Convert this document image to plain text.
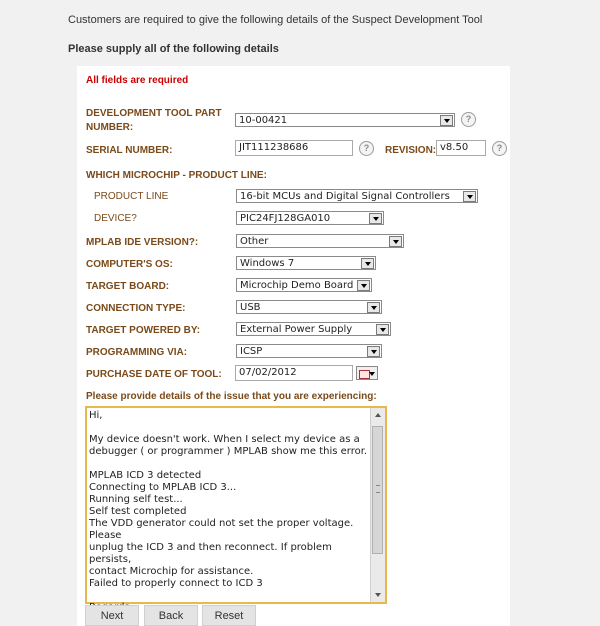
Customers are required to give the following details of the Suspect Development Tool
Please supply all of the following details
All fields are required
DEVELOPMENT TOOL PART
NUMBER:
10-00421	?
SERIAL NUMBER:	JIT111238686	?	REVISION: v8.50	?
WHICH MICROCHIP - PRODUCT LINE:
PRODUCT LINE	16-bit MCUs and Digital Signal Controllers
DEVICE?	PIC24FJ128GA010
MPLAB IDE VERSION?:	Other
COMPUTER'S OS:	Windows 7
TARGET BOARD:	Microchip Demo Board
CONNECTION TYPE:	USB
TARGET POWERED BY:	External Power Supply
PROGRAMMING VIA:	ICSP
PURCHASE DATE OF TOOL:	07/02/2012
Please provide details of the issue that you are experiencing:
Hi,

My device doesn't work. When I select my device as a debugger ( or programmer ) MPLAB show me this error.

MPLAB ICD 3 detected
Connecting to MPLAB ICD 3...
Running self test...
Self test completed
The VDD generator could not set the proper voltage.
Please
unplug the ICD 3 and then reconnect. If problem persists,
contact Microchip for assistance.
Failed to properly connect to ICD 3

Next	Back	Reset
